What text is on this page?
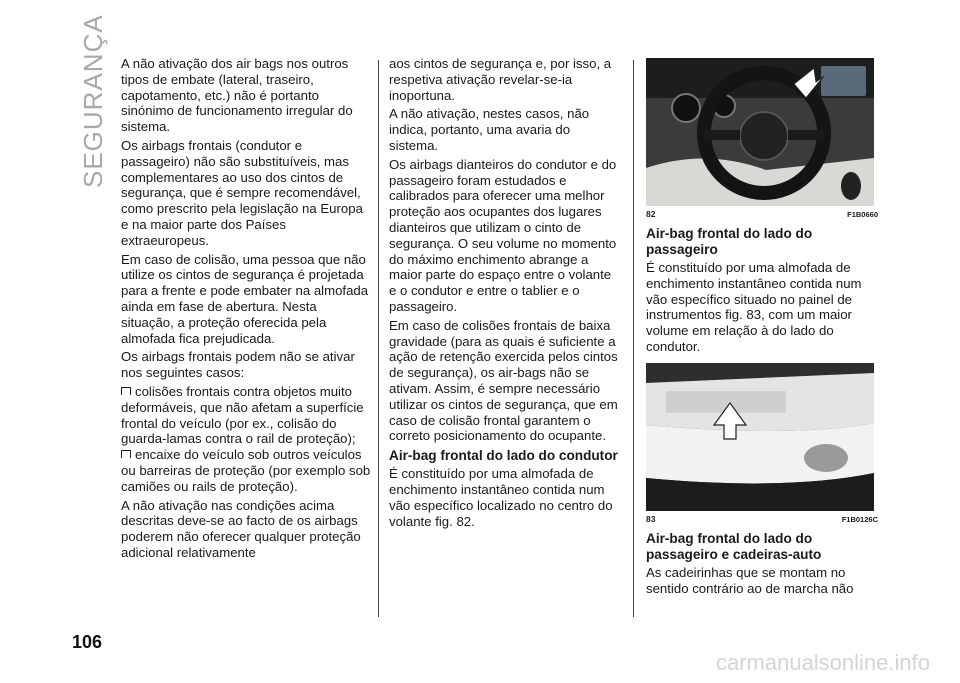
SEGURANÇA
106

A não ativação dos air bags nos outros tipos de embate (lateral, traseiro, capotamento, etc.) não é portanto sinónimo de funcionamento irregular do sistema.

Os airbags frontais (condutor e passageiro) não são substituíveis, mas complementares ao uso dos cintos de segurança, que é sempre recomendável, como prescrito pela legislação na Europa e na maior parte dos Países extraeuropeus.

Em caso de colisão, uma pessoa que não utilize os cintos de segurança é projetada para a frente e pode embater na almofada ainda em fase de abertura. Nesta situação, a proteção oferecida pela almofada fica prejudicada.

Os airbags frontais podem não se ativar nos seguintes casos:

colisões frontais contra objetos muito deformáveis, que não afetam a superfície frontal do veículo (por ex., colisão do guarda-lamas contra o rail de proteção);

encaixe do veículo sob outros veículos ou barreiras de proteção (por exemplo sob camiões ou rails de proteção).

A não ativação nas condições acima descritas deve-se ao facto de os airbags poderem não oferecer qualquer proteção adicional relativamente

aos cintos de segurança e, por isso, a respetiva ativação revelar-se-ia inoportuna.

A não ativação, nestes casos, não indica, portanto, uma avaria do sistema.

Os airbags dianteiros do condutor e do passageiro foram estudados e calibrados para oferecer uma melhor proteção aos ocupantes dos lugares dianteiros que utilizam o cinto de segurança. O seu volume no momento do máximo enchimento abrange a maior parte do espaço entre o volante e o condutor e entre o tablier e o passageiro.

Em caso de colisões frontais de baixa gravidade (para as quais é suficiente a ação de retenção exercida pelos cintos de segurança), os air-bags não se ativam. Assim, é sempre necessário utilizar os cintos de segurança, que em caso de colisão frontal garantem o correto posicionamento do ocupante.

Air-bag frontal do lado do condutor

É constituído por uma almofada de enchimento instantâneo contida num vão específico localizado no centro do volante fig. 82.

82	F1B0660
Air-bag frontal do lado do passageiro

É constituído por uma almofada de enchimento instantâneo contida num vão específico situado no painel de instrumentos fig. 83, com um maior volume em relação à do lado do condutor.

83	F1B0126C
Air-bag frontal do lado do passageiro e cadeiras-auto

As cadeirinhas que se montam no sentido contrário ao de marcha não

carmanualsonline.info
